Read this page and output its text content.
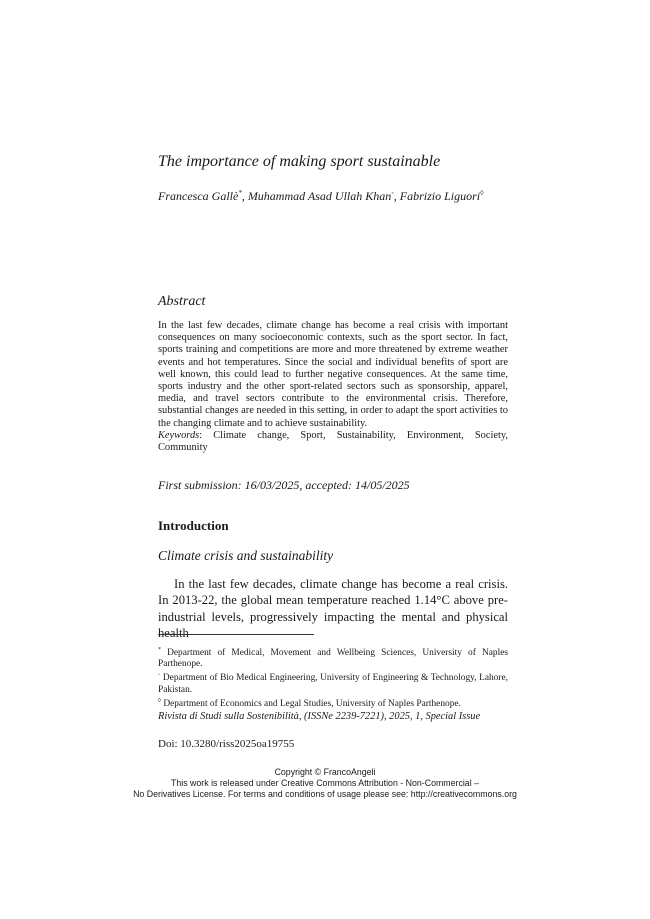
The importance of making sport sustainable
Francesca Gallè*, Muhammad Asad Ullah Khan◦, Fabrizio Liguori◊
Abstract

In the last few decades, climate change has become a real crisis with important consequences on many socioeconomic contexts, such as the sport sector. In fact, sports training and competitions are more and more threatened by extreme weather events and hot temperatures. Since the social and individual benefits of sport are well known, this could lead to further negative consequences. At the same time, sports industry and the other sport-related sectors such as sponsorship, apparel, media, and travel sectors contribute to the environmental crisis. Therefore, substantial changes are needed in this setting, in order to adapt the sport activities to the changing climate and to achieve sustainability.

Keywords: Climate change, Sport, Sustainability, Environment, Society, Community

First submission: 16/03/2025, accepted: 14/05/2025
Introduction
Climate crisis and sustainability

In the last few decades, climate change has become a real crisis. In 2013-22, the global mean temperature reached 1.14°C above pre-industrial levels, progressively impacting the mental and physical health

* Department of Medical, Movement and Wellbeing Sciences, University of Naples Parthenope.

◦ Department of Bio Medical Engineering, University of Engineering & Technology, Lahore, Pakistan.

◊ Department of Economics and Legal Studies, University of Naples Parthenope.

Rivista di Studi sulla Sostenibilità, (ISSNe 2239-7221), 2025, 1, Special Issue
Doi: 10.3280/riss2025oa19755
Copyright © FrancoAngeli
This work is released under Creative Commons Attribution - Non-Commercial –
No Derivatives License. For terms and conditions of usage please see: http://creativecommons.org
